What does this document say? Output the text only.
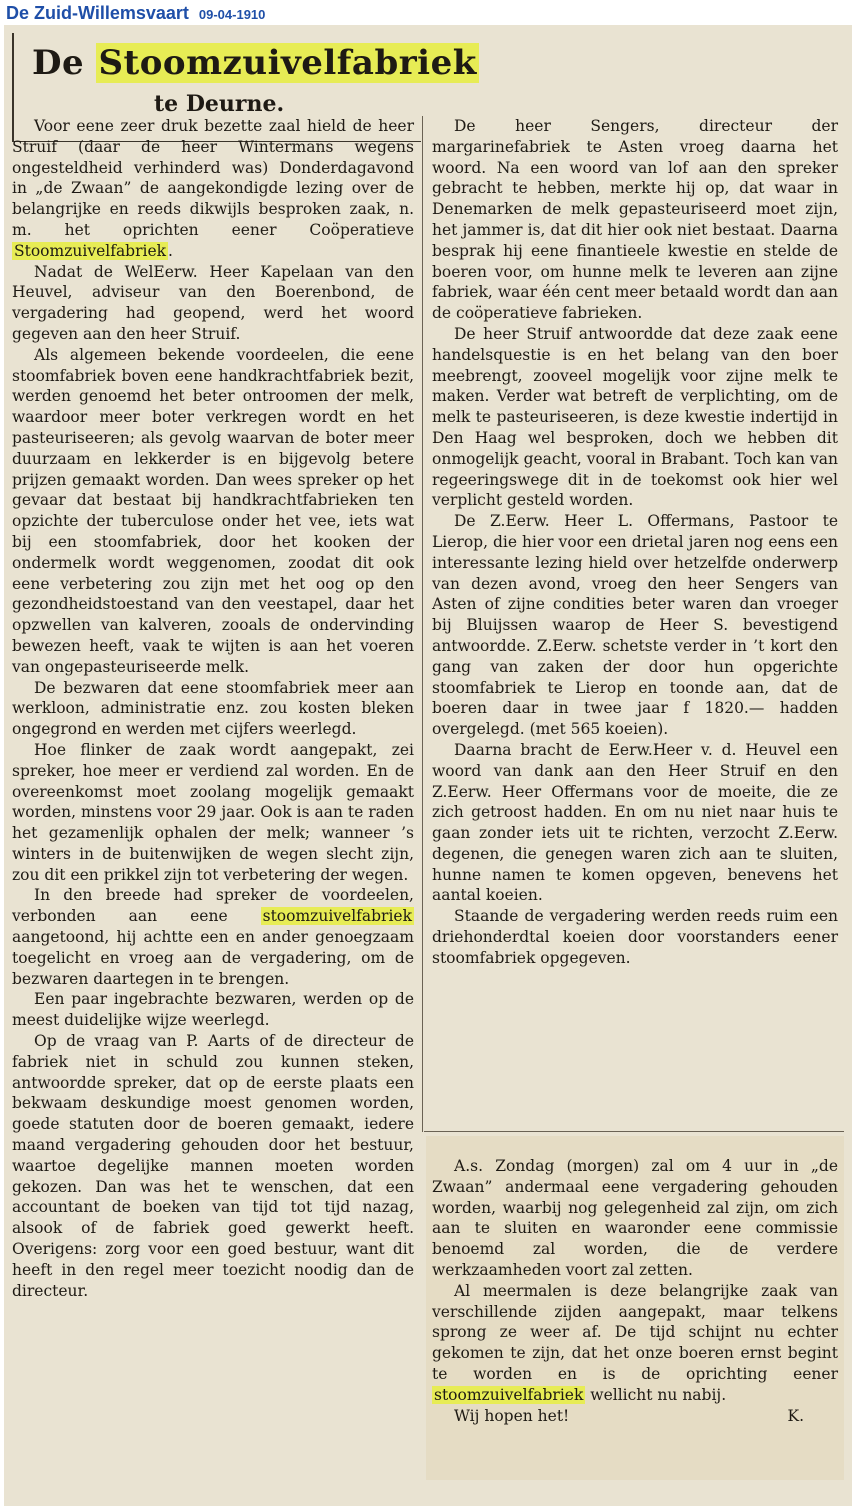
De Zuid-Willemsvaart 09-04-1910
De Stoomzuivelfabriek
te Deurne.

Voor eene zeer druk bezette zaal hield de heer Struif (daar de heer Wintermans wegens ongesteldheid verhinderd was) Donderdagavond in „de Zwaan” de aangekondigde lezing over de belangrijke en reeds dikwijls besproken zaak, n. m. het oprichten eener Coöperatieve Stoomzuivelfabriek .

Nadat de WelEerw. Heer Kapelaan van den Heuvel, adviseur van den Boerenbond, de vergadering had geopend, werd het woord gegeven aan den heer Struif.

Als algemeen bekende voordeelen, die eene stoomfabriek boven eene handkrachtfabriek bezit, werden genoemd het beter ontroomen der melk, waardoor meer boter verkregen wordt en het pasteuriseeren; als gevolg waarvan de boter meer duurzaam en lekkerder is en bijgevolg betere prijzen gemaakt worden. Dan wees spreker op het gevaar dat bestaat bij handkrachtfabrieken ten opzichte der tuberculose onder het vee, iets wat bij een stoomfabriek, door het kooken der ondermelk wordt weggenomen, zoodat dit ook eene verbetering zou zijn met het oog op den gezondheidstoestand van den veestapel, daar het opzwellen van kalveren, zooals de ondervinding bewezen heeft, vaak te wijten is aan het voeren van ongepasteuriseerde melk.

De bezwaren dat eene stoomfabriek meer aan werkloon, administratie enz. zou kosten bleken ongegrond en werden met cijfers weerlegd.

Hoe flinker de zaak wordt aangepakt, zei spreker, hoe meer er verdiend zal worden. En de overeenkomst moet zoolang mogelijk gemaakt worden, minstens voor 29 jaar. Ook is aan te raden het gezamenlijk ophalen der melk; wanneer ’s winters in de buitenwijken de wegen slecht zijn, zou dit een prikkel zijn tot verbetering der wegen.

In den breede had spreker de voordeelen, verbonden aan eene stoomzuivelfabriek aangetoond, hij achtte een en ander genoegzaam toegelicht en vroeg aan de vergadering, om de bezwaren daartegen in te brengen.

Een paar ingebrachte bezwaren, werden op de meest duidelijke wijze weerlegd.

Op de vraag van P. Aarts of de directeur de fabriek niet in schuld zou kunnen steken, antwoordde spreker, dat op de eerste plaats een bekwaam deskundige moest genomen worden, goede statuten door de boeren gemaakt, iedere maand vergadering gehouden door het bestuur, waartoe degelijke mannen moeten worden gekozen. Dan was het te wenschen, dat een accountant de boeken van tijd tot tijd nazag, alsook of de fabriek goed gewerkt heeft. Overigens: zorg voor een goed bestuur, want dit heeft in den regel meer toezicht noodig dan de directeur.

De heer Sengers, directeur der margarinefabriek te Asten vroeg daarna het woord. Na een woord van lof aan den spreker gebracht te hebben, merkte hij op, dat waar in Denemarken de melk gepasteuriseerd moet zijn, het jammer is, dat dit hier ook niet bestaat. Daarna besprak hij eene finantieele kwestie en stelde de boeren voor, om hunne melk te leveren aan zijne fabriek, waar één cent meer betaald wordt dan aan de coöperatieve fabrieken.

De heer Struif antwoordde dat deze zaak eene handelsquestie is en het belang van den boer meebrengt, zooveel mogelijk voor zijne melk te maken. Verder wat betreft de verplichting, om de melk te pasteuriseeren, is deze kwestie indertijd in Den Haag wel besproken, doch we hebben dit onmogelijk geacht, vooral in Brabant. Toch kan van regeeringswege dit in de toekomst ook hier wel verplicht gesteld worden.

De Z.Eerw. Heer L. Offermans, Pastoor te Lierop, die hier voor een drietal jaren nog eens een interessante lezing hield over hetzelfde onderwerp van dezen avond, vroeg den heer Sengers van Asten of zijne condities beter waren dan vroeger bij Bluijssen waarop de Heer S. bevestigend antwoordde. Z.Eerw. schetste verder in ’t kort den gang van zaken der door hun opgerichte stoomfabriek te Lierop en toonde aan, dat de boeren daar in twee jaar f 1820.— hadden overgelegd. (met 565 koeien).

Daarna bracht de Eerw.Heer v. d. Heuvel een woord van dank aan den Heer Struif en den Z.Eerw. Heer Offermans voor de moeite, die ze zich getroost hadden. En om nu niet naar huis te gaan zonder iets uit te richten, verzocht Z.Eerw. degenen, die genegen waren zich aan te sluiten, hunne namen te komen opgeven, benevens het aantal koeien.

Staande de vergadering werden reeds ruim een driehonderdtal koeien door voorstanders eener stoomfabriek opgegeven.

A.s. Zondag (morgen) zal om 4 uur in „de Zwaan” andermaal eene vergadering gehouden worden, waarbij nog gelegenheid zal zijn, om zich aan te sluiten en waaronder eene commissie benoemd zal worden, die de verdere werkzaamheden voort zal zetten.

Al meermalen is deze belangrijke zaak van verschillende zijden aangepakt, maar telkens sprong ze weer af. De tijd schijnt nu echter gekomen te zijn, dat het onze boeren ernst begint te worden en is de oprichting eener stoomzuivelfabriek wellicht nu nabij.

Wij hopen het!	K.
